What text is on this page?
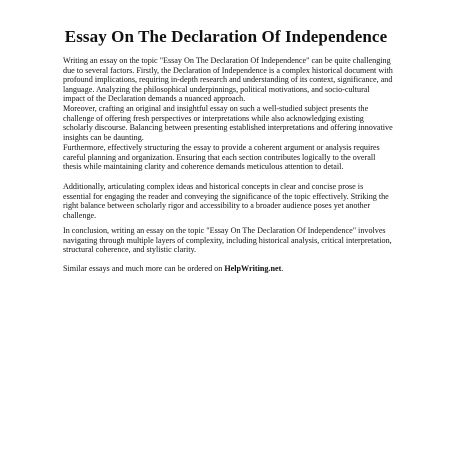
Essay On The Declaration Of Independence

Writing an essay on the topic "Essay On The Declaration Of Independence" can be quite challenging due to several factors. Firstly, the Declaration of Independence is a complex historical document with profound implications, requiring in-depth research and understanding of its context, significance, and language. Analyzing the philosophical underpinnings, political motivations, and socio-cultural impact of the Declaration demands a nuanced approach.

Moreover, crafting an original and insightful essay on such a well-studied subject presents the challenge of offering fresh perspectives or interpretations while also acknowledging existing scholarly discourse. Balancing between presenting established interpretations and offering innovative insights can be daunting.

Furthermore, effectively structuring the essay to provide a coherent argument or analysis requires careful planning and organization. Ensuring that each section contributes logically to the overall thesis while maintaining clarity and coherence demands meticulous attention to detail.

Additionally, articulating complex ideas and historical concepts in clear and concise prose is essential for engaging the reader and conveying the significance of the topic effectively. Striking the right balance between scholarly rigor and accessibility to a broader audience poses yet another challenge.

In conclusion, writing an essay on the topic "Essay On The Declaration Of Independence" involves navigating through multiple layers of complexity, including historical analysis, critical interpretation, structural coherence, and stylistic clarity.

Similar essays and much more can be ordered on HelpWriting.net.
